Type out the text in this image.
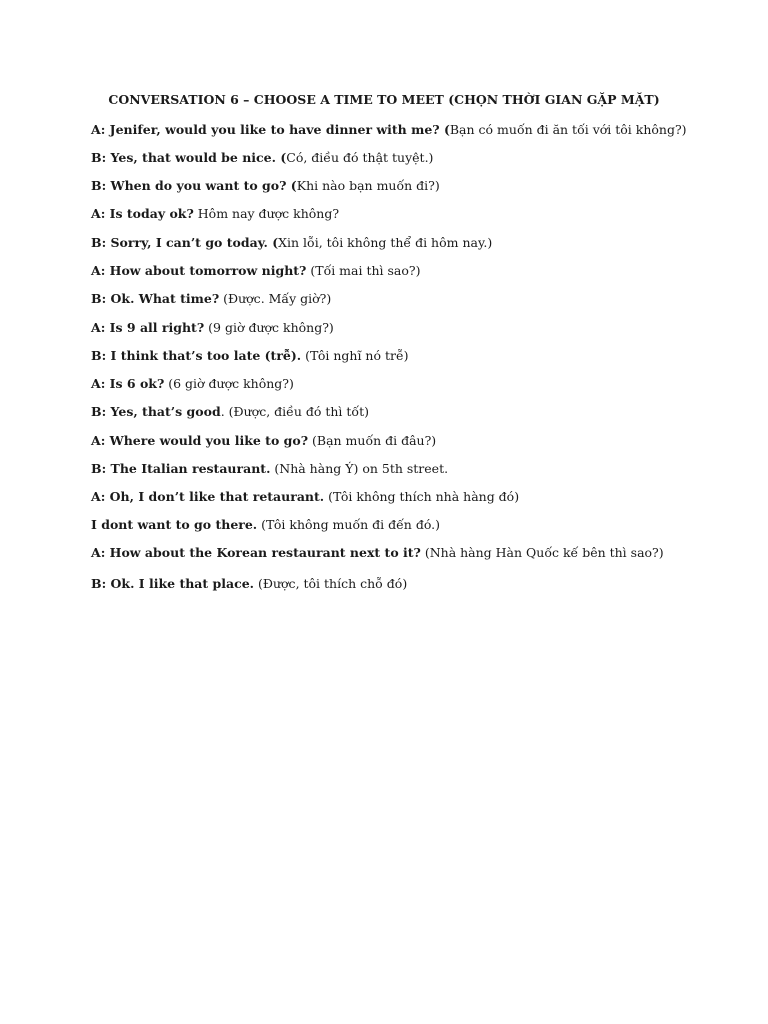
CONVERSATION 6 – CHOOSE A TIME TO MEET (CHỌN THỜI GIAN GẶP MẶT)
A: Jenifer, would you like to have dinner with me? (Bạn có muốn đi ăn tối với tôi không?)
B: Yes, that would be nice. (Có, điều đó thật tuyệt.)
B: When do you want to go? (Khi nào bạn muốn đi?)
A: Is today ok? Hôm nay được không?
B: Sorry, I can’t go today. (Xin lỗi, tôi không thể đi hôm nay.)
A: How about tomorrow night? (Tối mai thì sao?)
B: Ok. What time? (Được. Mấy giờ?)
A: Is 9 all right? (9 giờ được không?)
B: I think that’s too late (trễ). (Tôi nghĩ nó trễ)
A: Is 6 ok? (6 giờ được không?)
B: Yes, that’s good. (Được, điều đó thì tốt)
A: Where would you like to go? (Bạn muốn đi đâu?)
B: The Italian restaurant. (Nhà hàng Ý) on 5th street.
A: Oh, I don’t like that retaurant. (Tôi không thích nhà hàng đó)
I dont want to go there. (Tôi không muốn đi đến đó.)
A: How about the Korean restaurant next to it? (Nhà hàng Hàn Quốc kế bên thì sao?)
B: Ok. I like that place. (Được, tôi thích chỗ đó)
